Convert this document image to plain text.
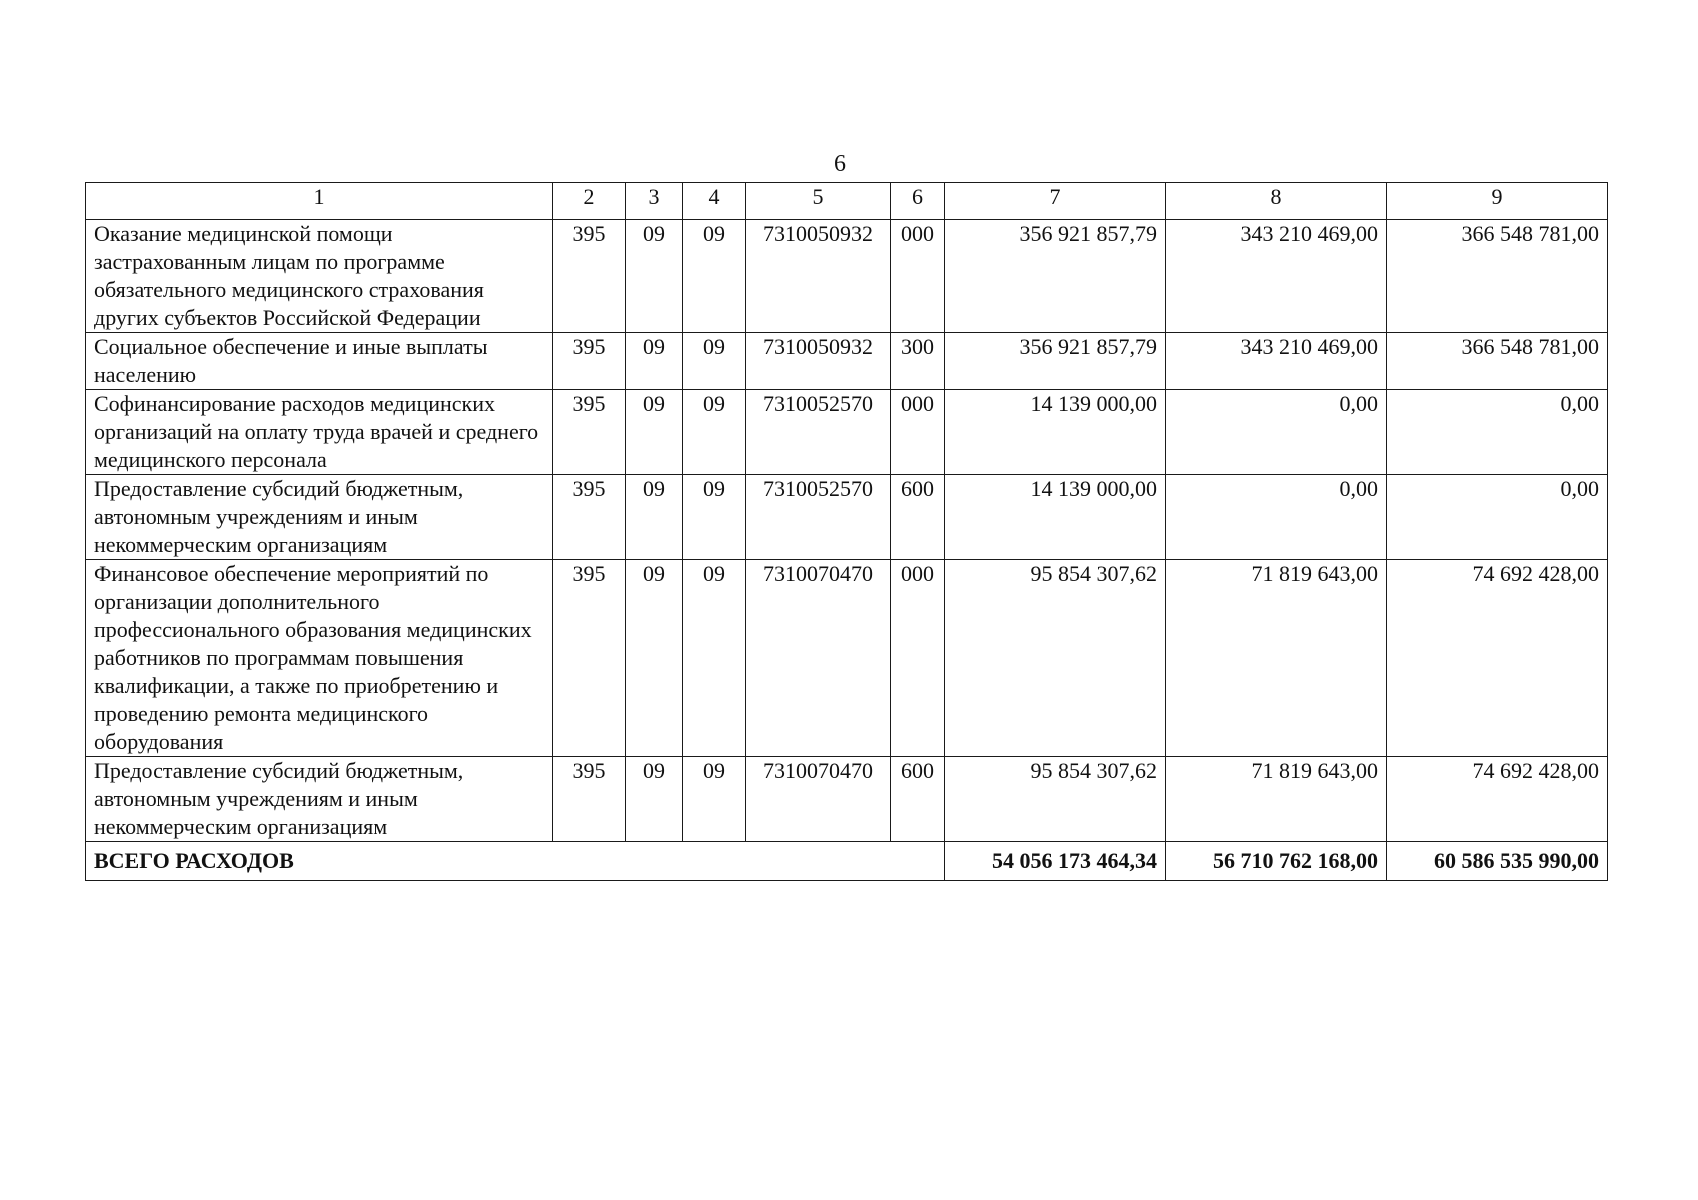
6
1	2	3	4	5	6	7	8	9
Оказание медицинской помощи застрахованным лицам по программе обязательного медицинского страхования других субъектов Российской Федерации	395	09	09	7310050932	000	356 921 857,79	343 210 469,00	366 548 781,00
Социальное обеспечение и иные выплаты населению	395	09	09	7310050932	300	356 921 857,79	343 210 469,00	366 548 781,00
Софинансирование расходов медицинских организаций на оплату труда врачей и среднего медицинского персонала	395	09	09	7310052570	000	14 139 000,00	0,00	0,00
Предоставление субсидий бюджетным, автономным учреждениям и иным некоммерческим организациям	395	09	09	7310052570	600	14 139 000,00	0,00	0,00
Финансовое обеспечение мероприятий по организации дополнительного профессионального образования медицинских работников по программам повышения квалификации, а также по приобретению и проведению ремонта медицинского оборудования	395	09	09	7310070470	000	95 854 307,62	71 819 643,00	74 692 428,00
Предоставление субсидий бюджетным, автономным учреждениям и иным некоммерческим организациям	395	09	09	7310070470	600	95 854 307,62	71 819 643,00	74 692 428,00
ВСЕГО РАСХОДОВ						54 056 173 464,34	56 710 762 168,00	60 586 535 990,00
